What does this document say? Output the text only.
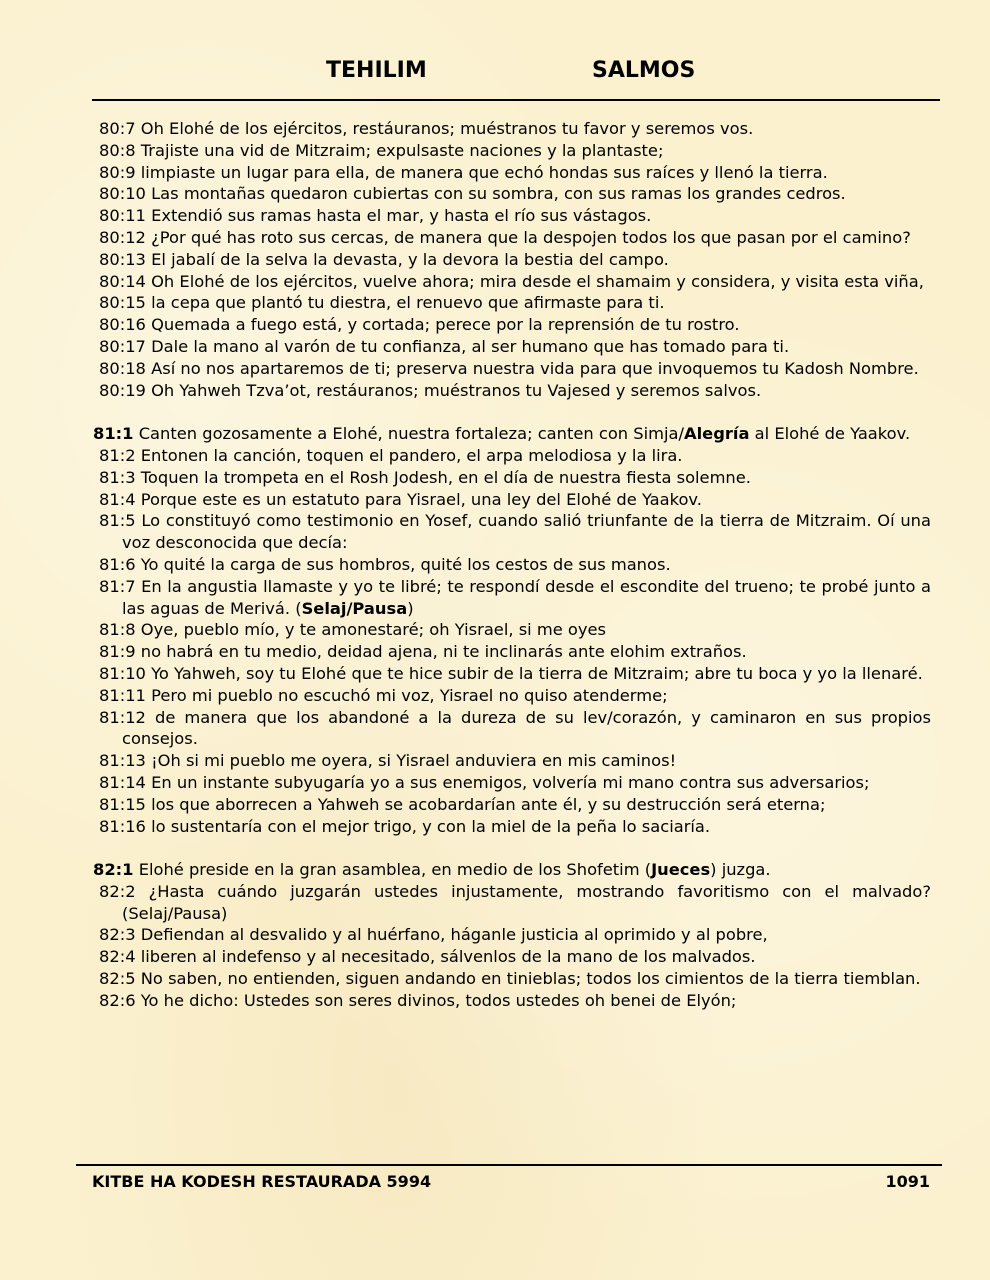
TEHILIM	SALMOS

80:7 Oh Elohé de los ejércitos, restáuranos; muéstranos tu favor y seremos vos.

80:8 Trajiste una vid de Mitzraim; expulsaste naciones y la plantaste;

80:9 limpiaste un lugar para ella, de manera que echó hondas sus raíces y llenó la tierra.

80:10 Las montañas quedaron cubiertas con su sombra, con sus ramas los grandes cedros.

80:11 Extendió sus ramas hasta el mar, y hasta el río sus vástagos.

80:12 ¿Por qué has roto sus cercas, de manera que la despojen todos los que pasan por el camino?

80:13 El jabalí de la selva la devasta, y la devora la bestia del campo.

80:14 Oh Elohé de los ejércitos, vuelve ahora; mira desde el shamaim y considera, y visita esta viña,

80:15 la cepa que plantó tu diestra, el renuevo que afirmaste para ti.

80:16 Quemada a fuego está, y cortada; perece por la reprensión de tu rostro.

80:17 Dale la mano al varón de tu confianza, al ser humano que has tomado para ti.

80:18 Así no nos apartaremos de ti; preserva nuestra vida para que invoquemos tu Kadosh Nombre.

80:19 Oh Yahweh Tzva’ot, restáuranos; muéstranos tu Vajesed y seremos salvos.

81:1 Canten gozosamente a Elohé, nuestra fortaleza; canten con Simja/Alegría al Elohé de Yaakov.

81:2 Entonen la canción, toquen el pandero, el arpa melodiosa y la lira.

81:3 Toquen la trompeta en el Rosh Jodesh, en el día de nuestra fiesta solemne.

81:4 Porque este es un estatuto para Yisrael, una ley del Elohé de Yaakov.

81:5 Lo constituyó como testimonio en Yosef, cuando salió triunfante de la tierra de Mitzraim. Oí una voz desconocida que decía:

81:6 Yo quité la carga de sus hombros, quité los cestos de sus manos.

81:7 En la angustia llamaste y yo te libré; te respondí desde el escondite del trueno; te probé junto a las aguas de Merivá. (Selaj/Pausa)

81:8 Oye, pueblo mío, y te amonestaré; oh Yisrael, si me oyes

81:9 no habrá en tu medio, deidad ajena, ni te inclinarás ante elohim extraños.

81:10 Yo Yahweh, soy tu Elohé que te hice subir de la tierra de Mitzraim; abre tu boca y yo la llenaré.

81:11 Pero mi pueblo no escuchó mi voz, Yisrael no quiso atenderme;

81:12 de manera que los abandoné a la dureza de su lev/corazón, y caminaron en sus propios consejos.

81:13 ¡Oh si mi pueblo me oyera, si Yisrael anduviera en mis caminos!

81:14 En un instante subyugaría yo a sus enemigos, volvería mi mano contra sus adversarios;

81:15 los que aborrecen a Yahweh se acobardarían ante él, y su destrucción será eterna;

81:16 lo sustentaría con el mejor trigo, y con la miel de la peña lo saciaría.

82:1 Elohé preside en la gran asamblea, en medio de los Shofetim (Jueces) juzga.

82:2 ¿Hasta cuándo juzgarán ustedes injustamente, mostrando favoritismo con el malvado? (Selaj/Pausa)

82:3 Defiendan al desvalido y al huérfano, háganle justicia al oprimido y al pobre,

82:4 liberen al indefenso y al necesitado, sálvenlos de la mano de los malvados.

82:5 No saben, no entienden, siguen andando en tinieblas; todos los cimientos de la tierra tiemblan.

82:6 Yo he dicho: Ustedes son seres divinos, todos ustedes oh benei de Elyón;

KITBE HA KODESH RESTAURADA 5994	1091
